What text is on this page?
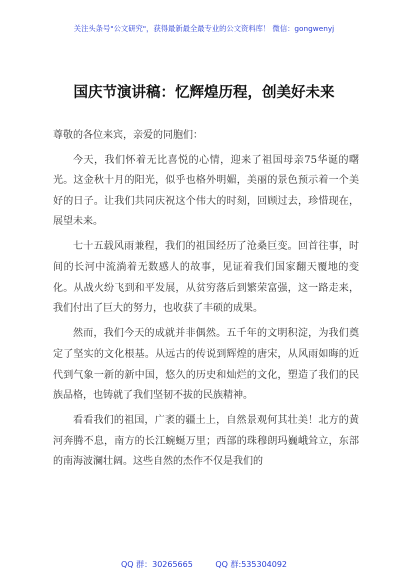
关注头条号"公文研究"，获得最新最全最专业的公文资料库！ 微信：gongwenyj
国庆节演讲稿：忆辉煌历程，创美好未来

尊敬的各位来宾，亲爱的同胞们：

今天，我们怀着无比喜悦的心情，迎来了祖国母亲75华诞的曙光。这金秋十月的阳光，似乎也格外明媚，美丽的景色预示着一个美好的日子。让我们共同庆祝这个伟大的时刻，回顾过去，珍惜现在，展望未来。

七十五载风雨兼程，我们的祖国经历了沧桑巨变。回首往事，时间的长河中流淌着无数感人的故事，见证着我们国家翻天覆地的变化。从战火纷飞到和平发展，从贫穷落后到繁荣富强，这一路走来，我们付出了巨大的努力，也收获了丰硕的成果。

然而，我们今天的成就并非偶然。五千年的文明积淀，为我们奠定了坚实的文化根基。从远古的传说到辉煌的唐宋，从风雨如晦的近代到气象一新的新中国，悠久的历史和灿烂的文化，塑造了我们的民族品格，也铸就了我们坚韧不拔的民族精神。

看看我们的祖国，广袤的疆土上，自然景观何其壮美！北方的黄河奔腾不息，南方的长江蜿蜒万里；西部的珠穆朗玛巍峨耸立，东部的南海波澜壮阔。这些自然的杰作不仅是我们的

QQ 群：30265665	QQ 群:535304092
